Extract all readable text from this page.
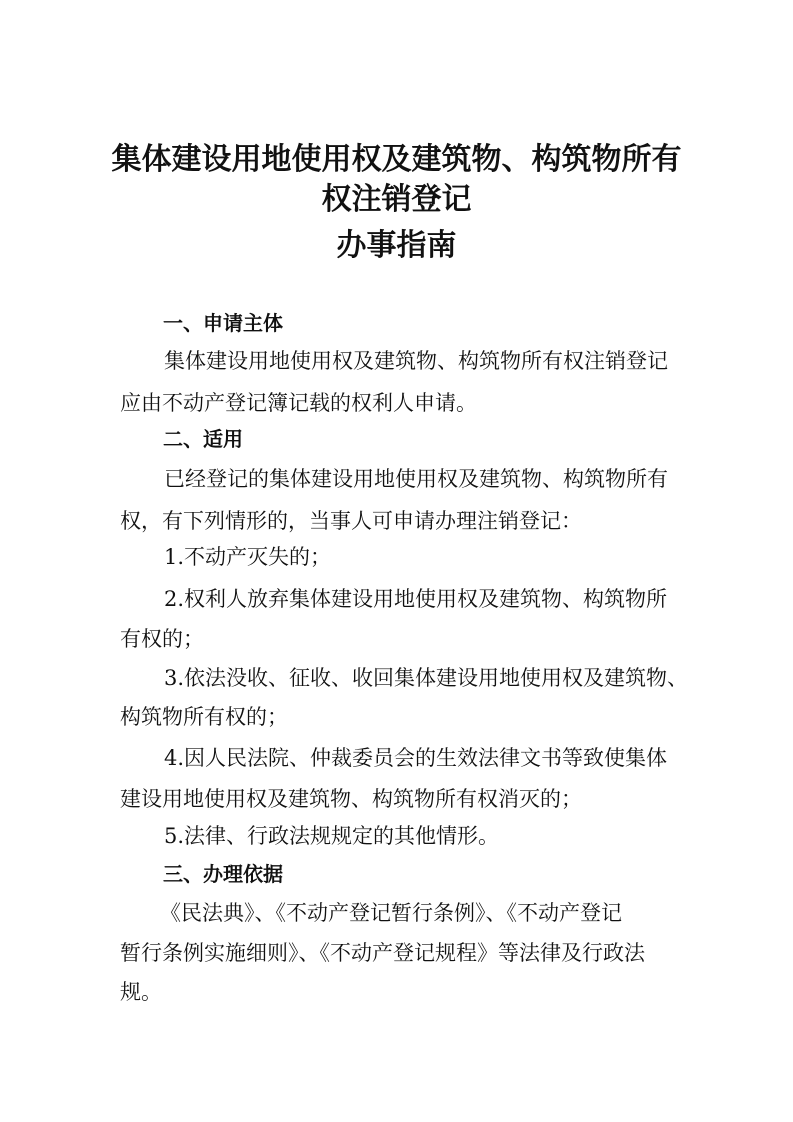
集体建设用地使用权及建筑物、构筑物所有
权注销登记
办事指南
一、申请主体
集体建设用地使用权及建筑物、构筑物所有权注销登记
应由不动产登记簿记载的权利人申请。
二、适用
已经登记的集体建设用地使用权及建筑物、构筑物所有
权，有下列情形的，当事人可申请办理注销登记：
1.不动产灭失的；
2.权利人放弃集体建设用地使用权及建筑物、构筑物所
有权的；
3.依法没收、征收、收回集体建设用地使用权及建筑物、
构筑物所有权的；
4.因人民法院、仲裁委员会的生效法律文书等致使集体
建设用地使用权及建筑物、构筑物所有权消灭的；
5.法律、行政法规规定的其他情形。
三、办理依据
《民法典》、《不动产登记暂行条例》、《不动产登记
暂行条例实施细则》、《不动产登记规程》等法律及行政法
规。
